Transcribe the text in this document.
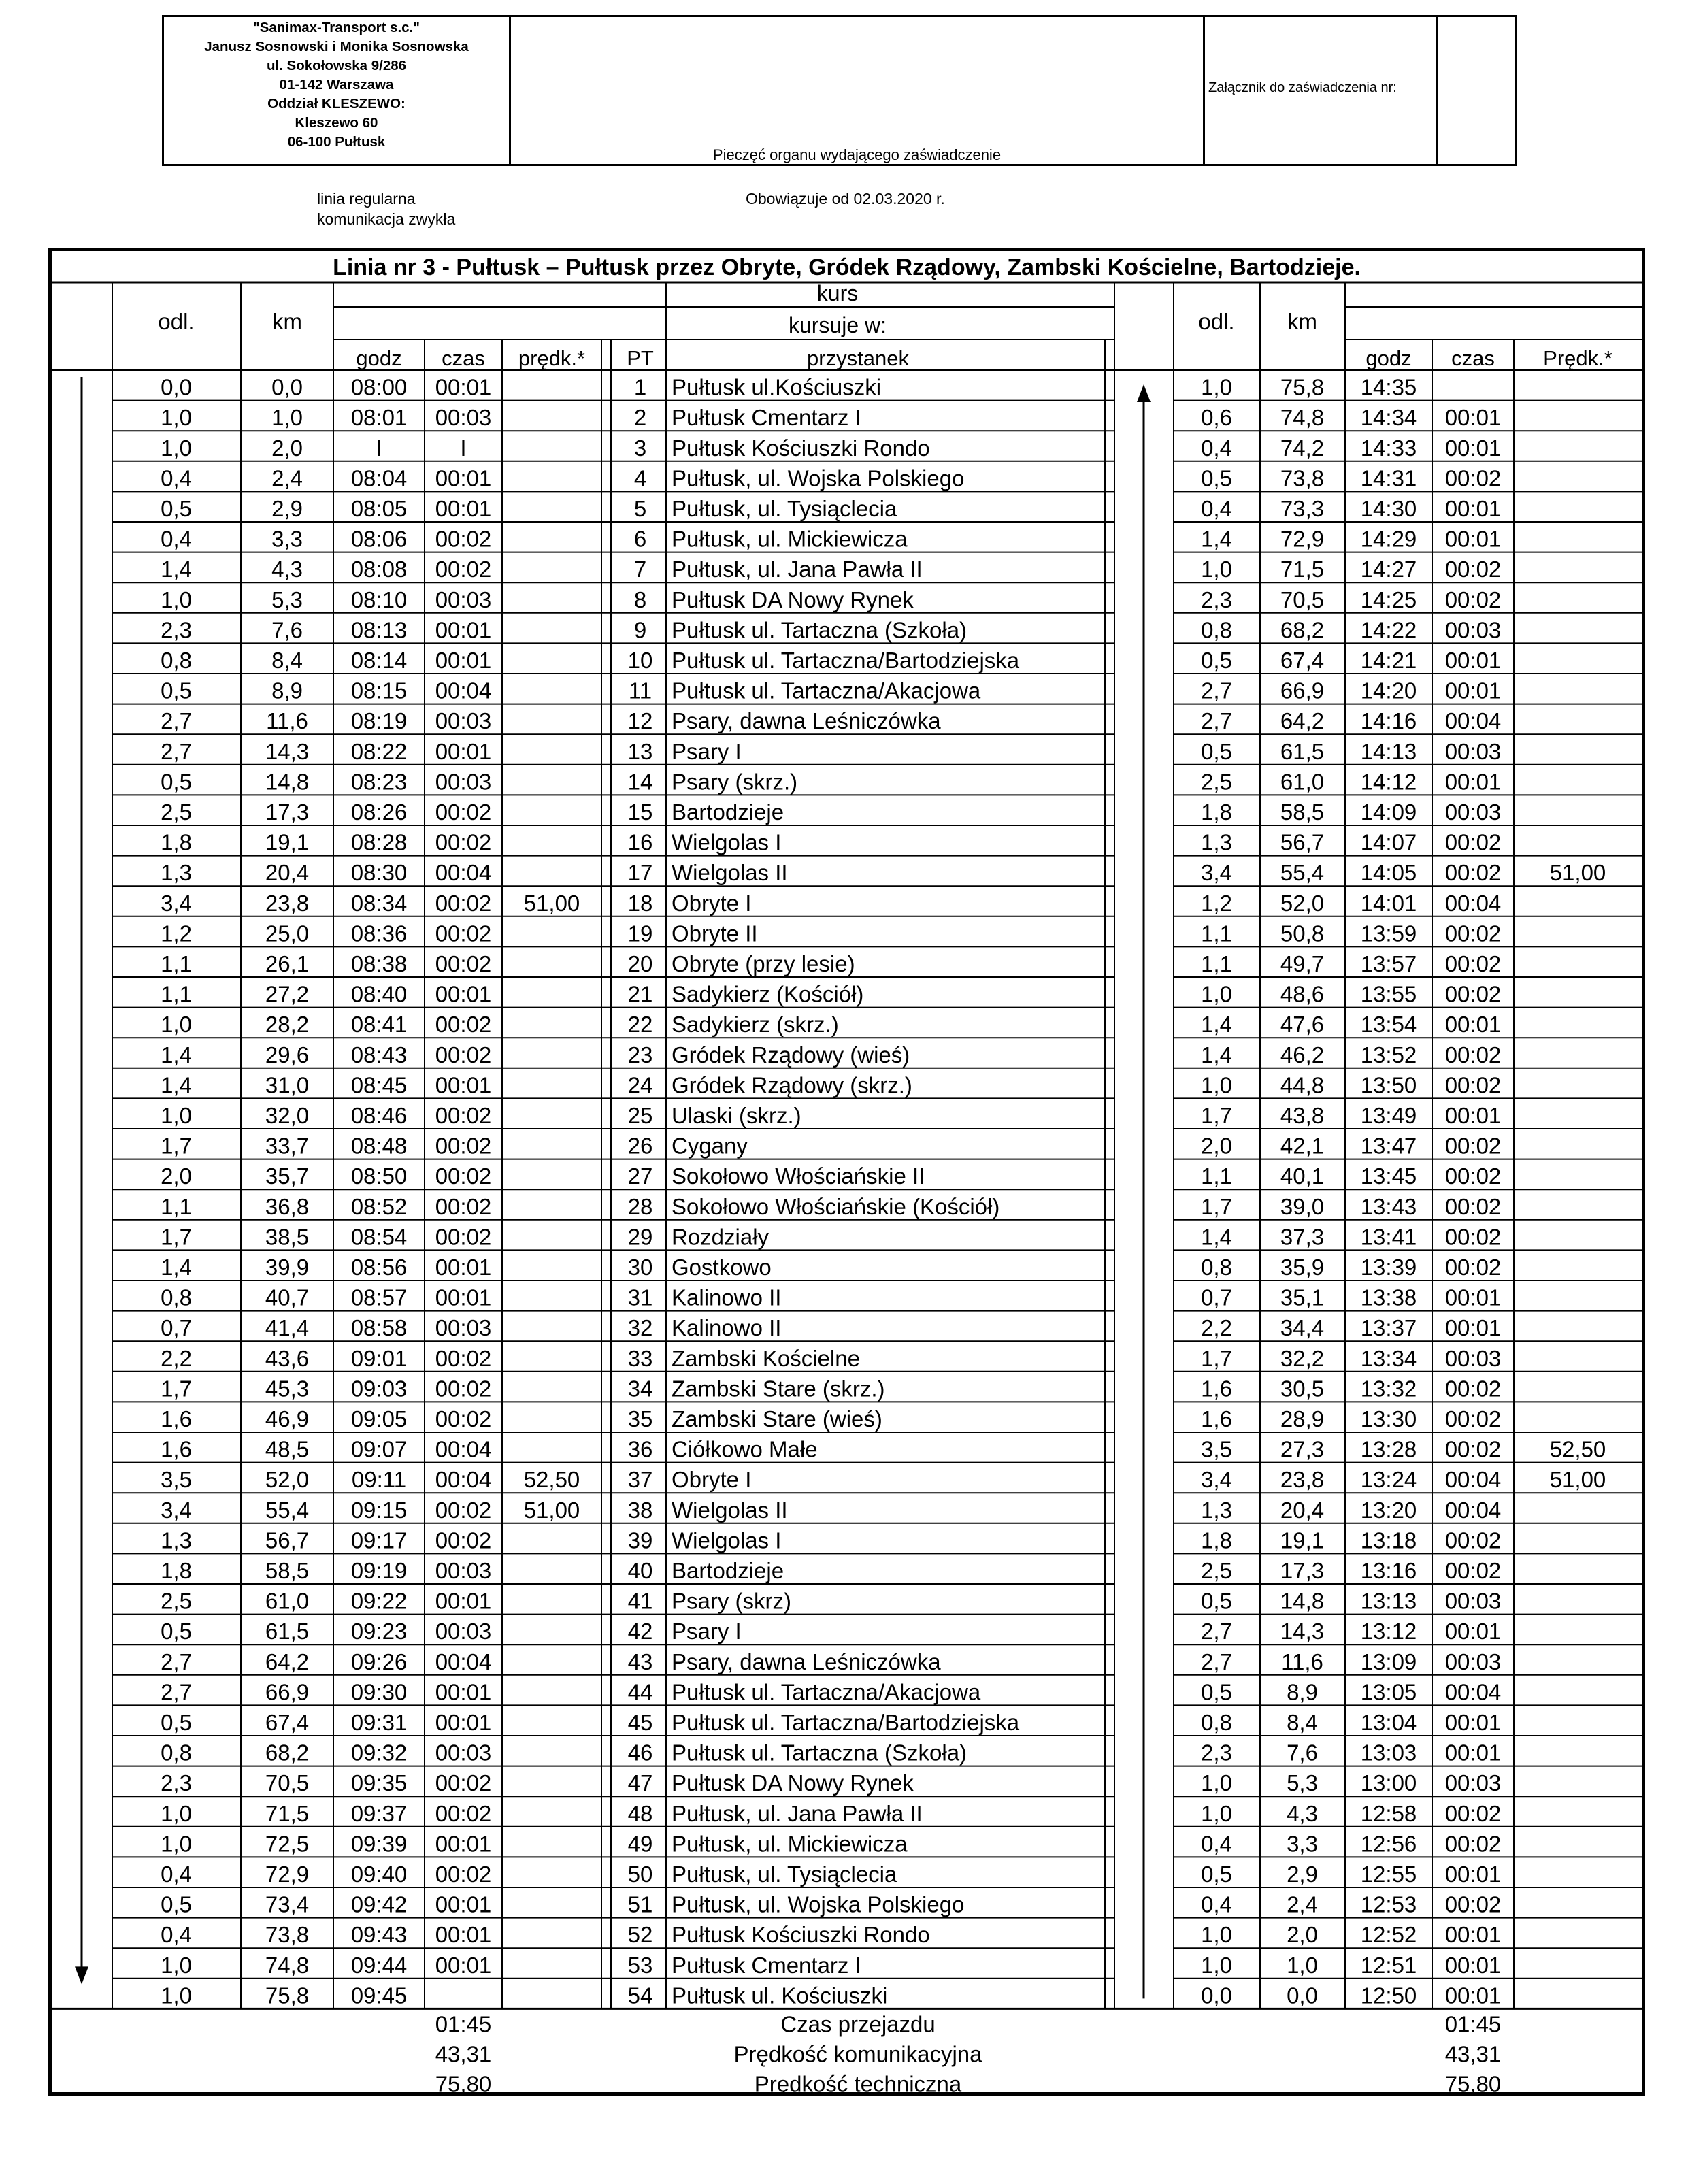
"Sanimax-Transport s.c."
Janusz Sosnowski i Monika Sosnowska
ul. Sokołowska 9/286
01-142 Warszawa
Oddział KLESZEWO:
Kleszewo 60
06-100 Pułtusk
Pieczęć organu wydającego zaświadczenie
Załącznik do zaświadczenia nr:
linia regularna
komunikacja zwykła
Obowiązuje od 02.03.2020 r.
Linia nr 3 - Pułtusk – Pułtusk przez Obryte, Gródek Rządowy, Zambski Kościelne, Bartodzieje.
kurs
kursuje w:
odl.	km	odl. km
godz czas prędk.* PT	przystanek	godz czas Prędk.*
0,0	0,0 08:00 00:01	1 Pułtusk ul.Kościuszki	1,0 75,8 14:35
1,0	1,0 08:01 00:03	2 Pułtusk Cmentarz I	0,6 74,8 14:34 00:01
1,0	2,0	I	I	3 Pułtusk Kościuszki Rondo	0,4 74,2 14:33 00:01
0,4	2,4 08:04 00:01	4 Pułtusk, ul. Wojska Polskiego	0,5 73,8 14:31 00:02
0,5	2,9 08:05 00:01	5 Pułtusk, ul. Tysiąclecia	0,4 73,3 14:30 00:01
0,4	3,3 08:06 00:02	6 Pułtusk, ul. Mickiewicza	1,4 72,9 14:29 00:01
1,4	4,3 08:08 00:02	7 Pułtusk, ul. Jana Pawła II	1,0 71,5 14:27 00:02
1,0	5,3 08:10 00:03	8 Pułtusk DA Nowy Rynek	2,3 70,5 14:25 00:02
2,3	7,6 08:13 00:01	9 Pułtusk ul. Tartaczna (Szkoła)	0,8 68,2 14:22 00:03
0,8	8,4 08:14 00:01	10 Pułtusk ul. Tartaczna/Bartodziejska	0,5 67,4 14:21 00:01
0,5	8,9 08:15 00:04	11 Pułtusk ul. Tartaczna/Akacjowa	2,7 66,9 14:20 00:01
2,7	11,6 08:19 00:03	12 Psary, dawna Leśniczówka	2,7 64,2 14:16 00:04
2,7	14,3 08:22 00:01	13 Psary I	0,5 61,5 14:13 00:03
0,5	14,8 08:23 00:03	14 Psary (skrz.)	2,5 61,0 14:12 00:01
2,5	17,3 08:26 00:02	15 Bartodzieje	1,8 58,5 14:09 00:03
1,8	19,1 08:28 00:02	16 Wielgolas I	1,3 56,7 14:07 00:02
1,3	20,4 08:30 00:04	17 Wielgolas II	3,4 55,4 14:05 00:02 51,00
3,4	23,8 08:34 00:02 51,00 18 Obryte I	1,2 52,0 14:01 00:04
1,2	25,0 08:36 00:02	19 Obryte II	1,1 50,8 13:59 00:02
1,1	26,1 08:38 00:02	20 Obryte (przy lesie)	1,1 49,7 13:57 00:02
1,1	27,2 08:40 00:01	21 Sadykierz (Kościół)	1,0 48,6 13:55 00:02
1,0	28,2 08:41 00:02	22 Sadykierz (skrz.)	1,4 47,6 13:54 00:01
1,4	29,6 08:43 00:02	23 Gródek Rządowy (wieś)	1,4 46,2 13:52 00:02
1,4	31,0 08:45 00:01	24 Gródek Rządowy (skrz.)	1,0 44,8 13:50 00:02
1,0	32,0 08:46 00:02	25 Ulaski (skrz.)	1,7 43,8 13:49 00:01
1,7	33,7 08:48 00:02	26 Cygany	2,0 42,1 13:47 00:02
2,0	35,7 08:50 00:02	27 Sokołowo Włościańskie II	1,1 40,1 13:45 00:02
1,1	36,8 08:52 00:02	28 Sokołowo Włościańskie (Kościół)	1,7 39,0 13:43 00:02
1,7	38,5 08:54 00:02	29 Rozdziały	1,4 37,3 13:41 00:02
1,4	39,9 08:56 00:01	30 Gostkowo	0,8 35,9 13:39 00:02
0,8	40,7 08:57 00:01	31 Kalinowo II	0,7 35,1 13:38 00:01
0,7	41,4 08:58 00:03	32 Kalinowo II	2,2 34,4 13:37 00:01
2,2	43,6 09:01 00:02	33 Zambski Kościelne	1,7 32,2 13:34 00:03
1,7	45,3 09:03 00:02	34 Zambski Stare (skrz.)	1,6 30,5 13:32 00:02
1,6	46,9 09:05 00:02	35 Zambski Stare (wieś)	1,6 28,9 13:30 00:02
1,6	48,5 09:07 00:04	36 Ciółkowo Małe	3,5 27,3 13:28 00:02 52,50
3,5	52,0 09:11 00:04 52,50 37 Obryte I	3,4 23,8 13:24 00:04 51,00
3,4	55,4 09:15 00:02 51,00 38 Wielgolas II	1,3 20,4 13:20 00:04
1,3	56,7 09:17 00:02	39 Wielgolas I	1,8 19,1 13:18 00:02
1,8	58,5 09:19 00:03	40 Bartodzieje	2,5 17,3 13:16 00:02
2,5	61,0 09:22 00:01	41 Psary (skrz)	0,5 14,8 13:13 00:03
0,5	61,5 09:23 00:03	42 Psary I	2,7 14,3 13:12 00:01
2,7	64,2 09:26 00:04	43 Psary, dawna Leśniczówka	2,7 11,6 13:09 00:03
2,7	66,9 09:30 00:01	44 Pułtusk ul. Tartaczna/Akacjowa	0,5 8,9 13:05 00:04
0,5	67,4 09:31 00:01	45 Pułtusk ul. Tartaczna/Bartodziejska	0,8 8,4 13:04 00:01
0,8	68,2 09:32 00:03	46 Pułtusk ul. Tartaczna (Szkoła)	2,3 7,6 13:03 00:01
2,3	70,5 09:35 00:02	47 Pułtusk DA Nowy Rynek	1,0 5,3 13:00 00:03
1,0	71,5 09:37 00:02	48 Pułtusk, ul. Jana Pawła II	1,0 4,3 12:58 00:02
1,0	72,5 09:39 00:01	49 Pułtusk, ul. Mickiewicza	0,4 3,3 12:56 00:02
0,4	72,9 09:40 00:02	50 Pułtusk, ul. Tysiąclecia	0,5 2,9 12:55 00:01
0,5	73,4 09:42 00:01	51 Pułtusk, ul. Wojska Polskiego	0,4 2,4 12:53 00:02
0,4	73,8 09:43 00:01	52 Pułtusk Kościuszki Rondo	1,0 2,0 12:52 00:01
1,0	74,8 09:44 00:01	53 Pułtusk Cmentarz I	1,0 1,0 12:51 00:01
1,0	75,8 09:45	54 Pułtusk ul. Kościuszki	0,0 0,0 12:50 00:01
01:45	Czas przejazdu	01:45
43,31	Prędkość komunikacyjna	43,31
75,80	Prędkość techniczna	75,80
